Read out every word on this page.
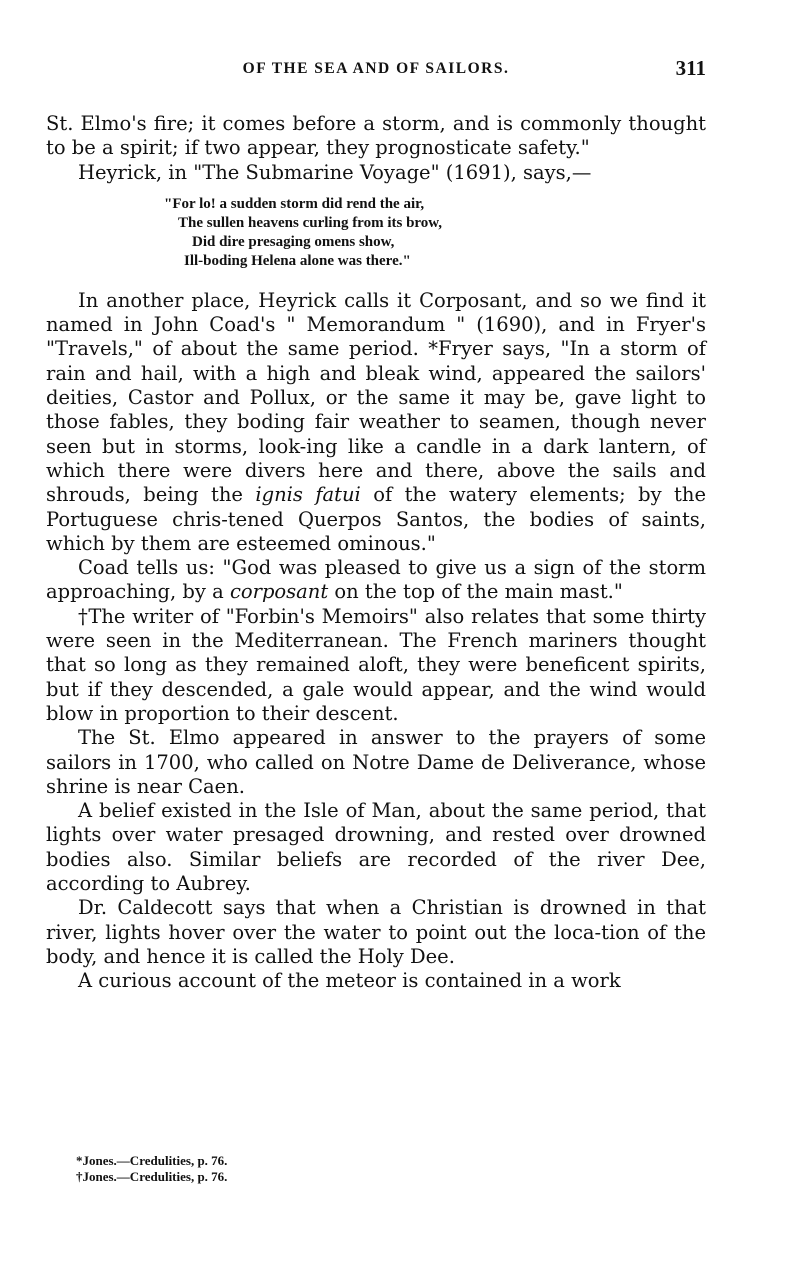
OF THE SEA AND OF SAILORS.	311

St. Elmo's fire; it comes before a storm, and is commonly thought to be a spirit; if two appear, they prognosticate safety."

Heyrick, in "The Submarine Voyage" (1691), says,—

"For lo! a sudden storm did rend the air,
The sullen heavens curling from its brow,
Did dire presaging omens show,
Ill-boding Helena alone was there."

In another place, Heyrick calls it Corposant, and so we find it named in John Coad's " Memorandum " (1690), and in Fryer's "Travels," of about the same period. *Fryer says, "In a storm of rain and hail, with a high and bleak wind, appeared the sailors' deities, Castor and Pollux, or the same it may be, gave light to those fables, they boding fair weather to seamen, though never seen but in storms, look-ing like a candle in a dark lantern, of which there were divers here and there, above the sails and shrouds, being the ignis fatui of the watery elements; by the Portuguese chris-tened Querpos Santos, the bodies of saints, which by them are esteemed ominous."

Coad tells us: "God was pleased to give us a sign of the storm approaching, by a corposant on the top of the main mast."

†The writer of "Forbin's Memoirs" also relates that some thirty were seen in the Mediterranean. The French mariners thought that so long as they remained aloft, they were beneficent spirits, but if they descended, a gale would appear, and the wind would blow in proportion to their descent.

The St. Elmo appeared in answer to the prayers of some sailors in 1700, who called on Notre Dame de Deliverance, whose shrine is near Caen.

A belief existed in the Isle of Man, about the same period, that lights over water presaged drowning, and rested over drowned bodies also. Similar beliefs are recorded of the river Dee, according to Aubrey.

Dr. Caldecott says that when a Christian is drowned in that river, lights hover over the water to point out the loca-tion of the body, and hence it is called the Holy Dee.

A curious account of the meteor is contained in a work

*Jones.—Credulities, p. 76.
†Jones.—Credulities, p. 76.
